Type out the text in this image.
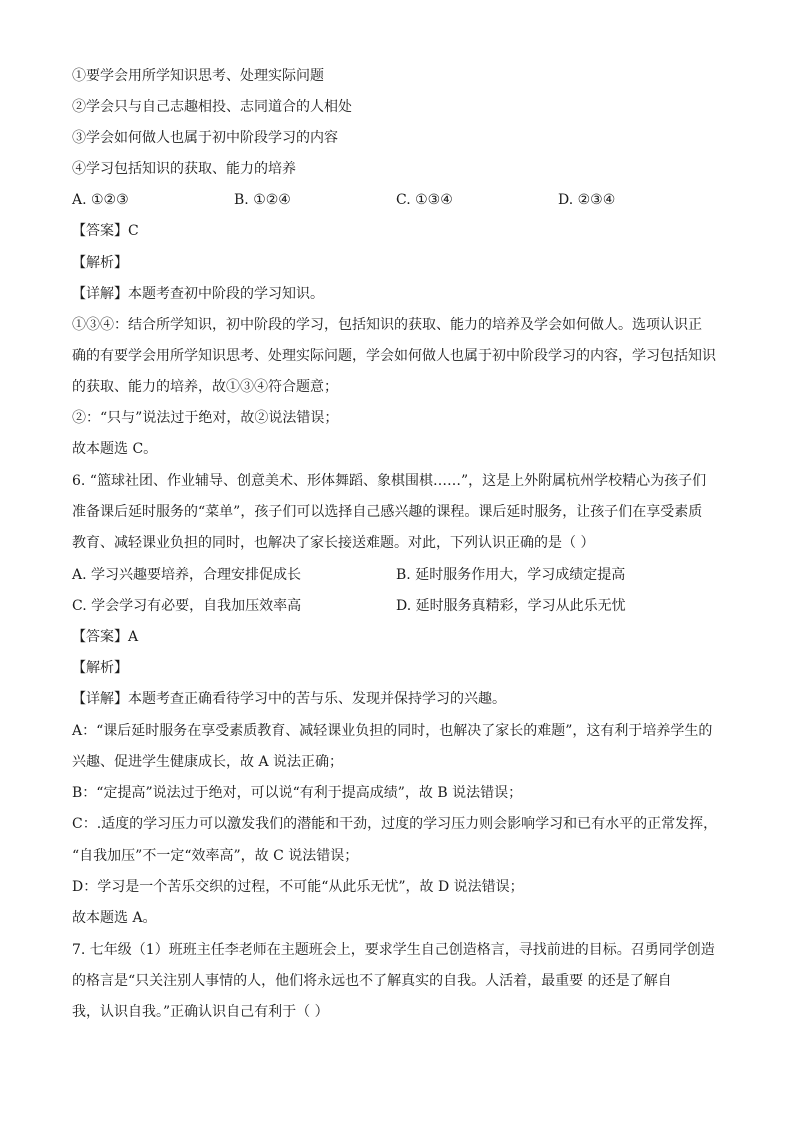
①要学会用所学知识思考、处理实际问题
②学会只与自己志趣相投、志同道合的人相处
③学会如何做人也属于初中阶段学习的内容
④学习包括知识的获取、能力的培养
A. ①②③	B. ①②④	C. ①③④	D. ②③④
【答案】C
【解析】
【详解】本题考查初中阶段的学习知识。
①③④：结合所学知识，初中阶段的学习，包括知识的获取、能力的培养及学会如何做人。选项认识正
确的有要学会用所学知识思考、处理实际问题，学会如何做人也属于初中阶段学习的内容，学习包括知识
的获取、能力的培养，故①③④符合题意；
②：“只与”说法过于绝对，故②说法错误；
故本题选 C。
6. “篮球社团、作业辅导、创意美术、形体舞蹈、象棋围棋……”，这是上外附属杭州学校精心为孩子们
准备课后延时服务的“菜单”，孩子们可以选择自己感兴趣的课程。课后延时服务，让孩子们在享受素质
教育、减轻课业负担的同时，也解决了家长接送难题。对此，下列认识正确的是（ ）
A. 学习兴趣要培养，合理安排促成长	B. 延时服务作用大，学习成绩定提高
C. 学会学习有必要，自我加压效率高	D. 延时服务真精彩，学习从此乐无忧
【答案】A
【解析】
【详解】本题考查正确看待学习中的苦与乐、发现并保持学习的兴趣。
A：“课后延时服务在享受素质教育、减轻课业负担的同时，也解决了家长的难题”，这有利于培养学生的
兴趣、促进学生健康成长，故 A 说法正确；
B：“定提高”说法过于绝对，可以说“有利于提高成绩”，故 B 说法错误；
C：.适度的学习压力可以激发我们的潜能和干劲，过度的学习压力则会影响学习和已有水平的正常发挥，
“自我加压”不一定“效率高”，故 C 说法错误；
D：学习是一个苦乐交织的过程，不可能“从此乐无忧”，故 D 说法错误；
故本题选 A。
7. 七年级（1）班班主任李老师在主题班会上，要求学生自己创造格言，寻找前进的目标。召勇同学创造
的格言是“只关注别人事情的人，他们将永远也不了解真实的自我。人活着，最重要 的还是了解自
我，认识自我。”正确认识自己有利于（ ）
